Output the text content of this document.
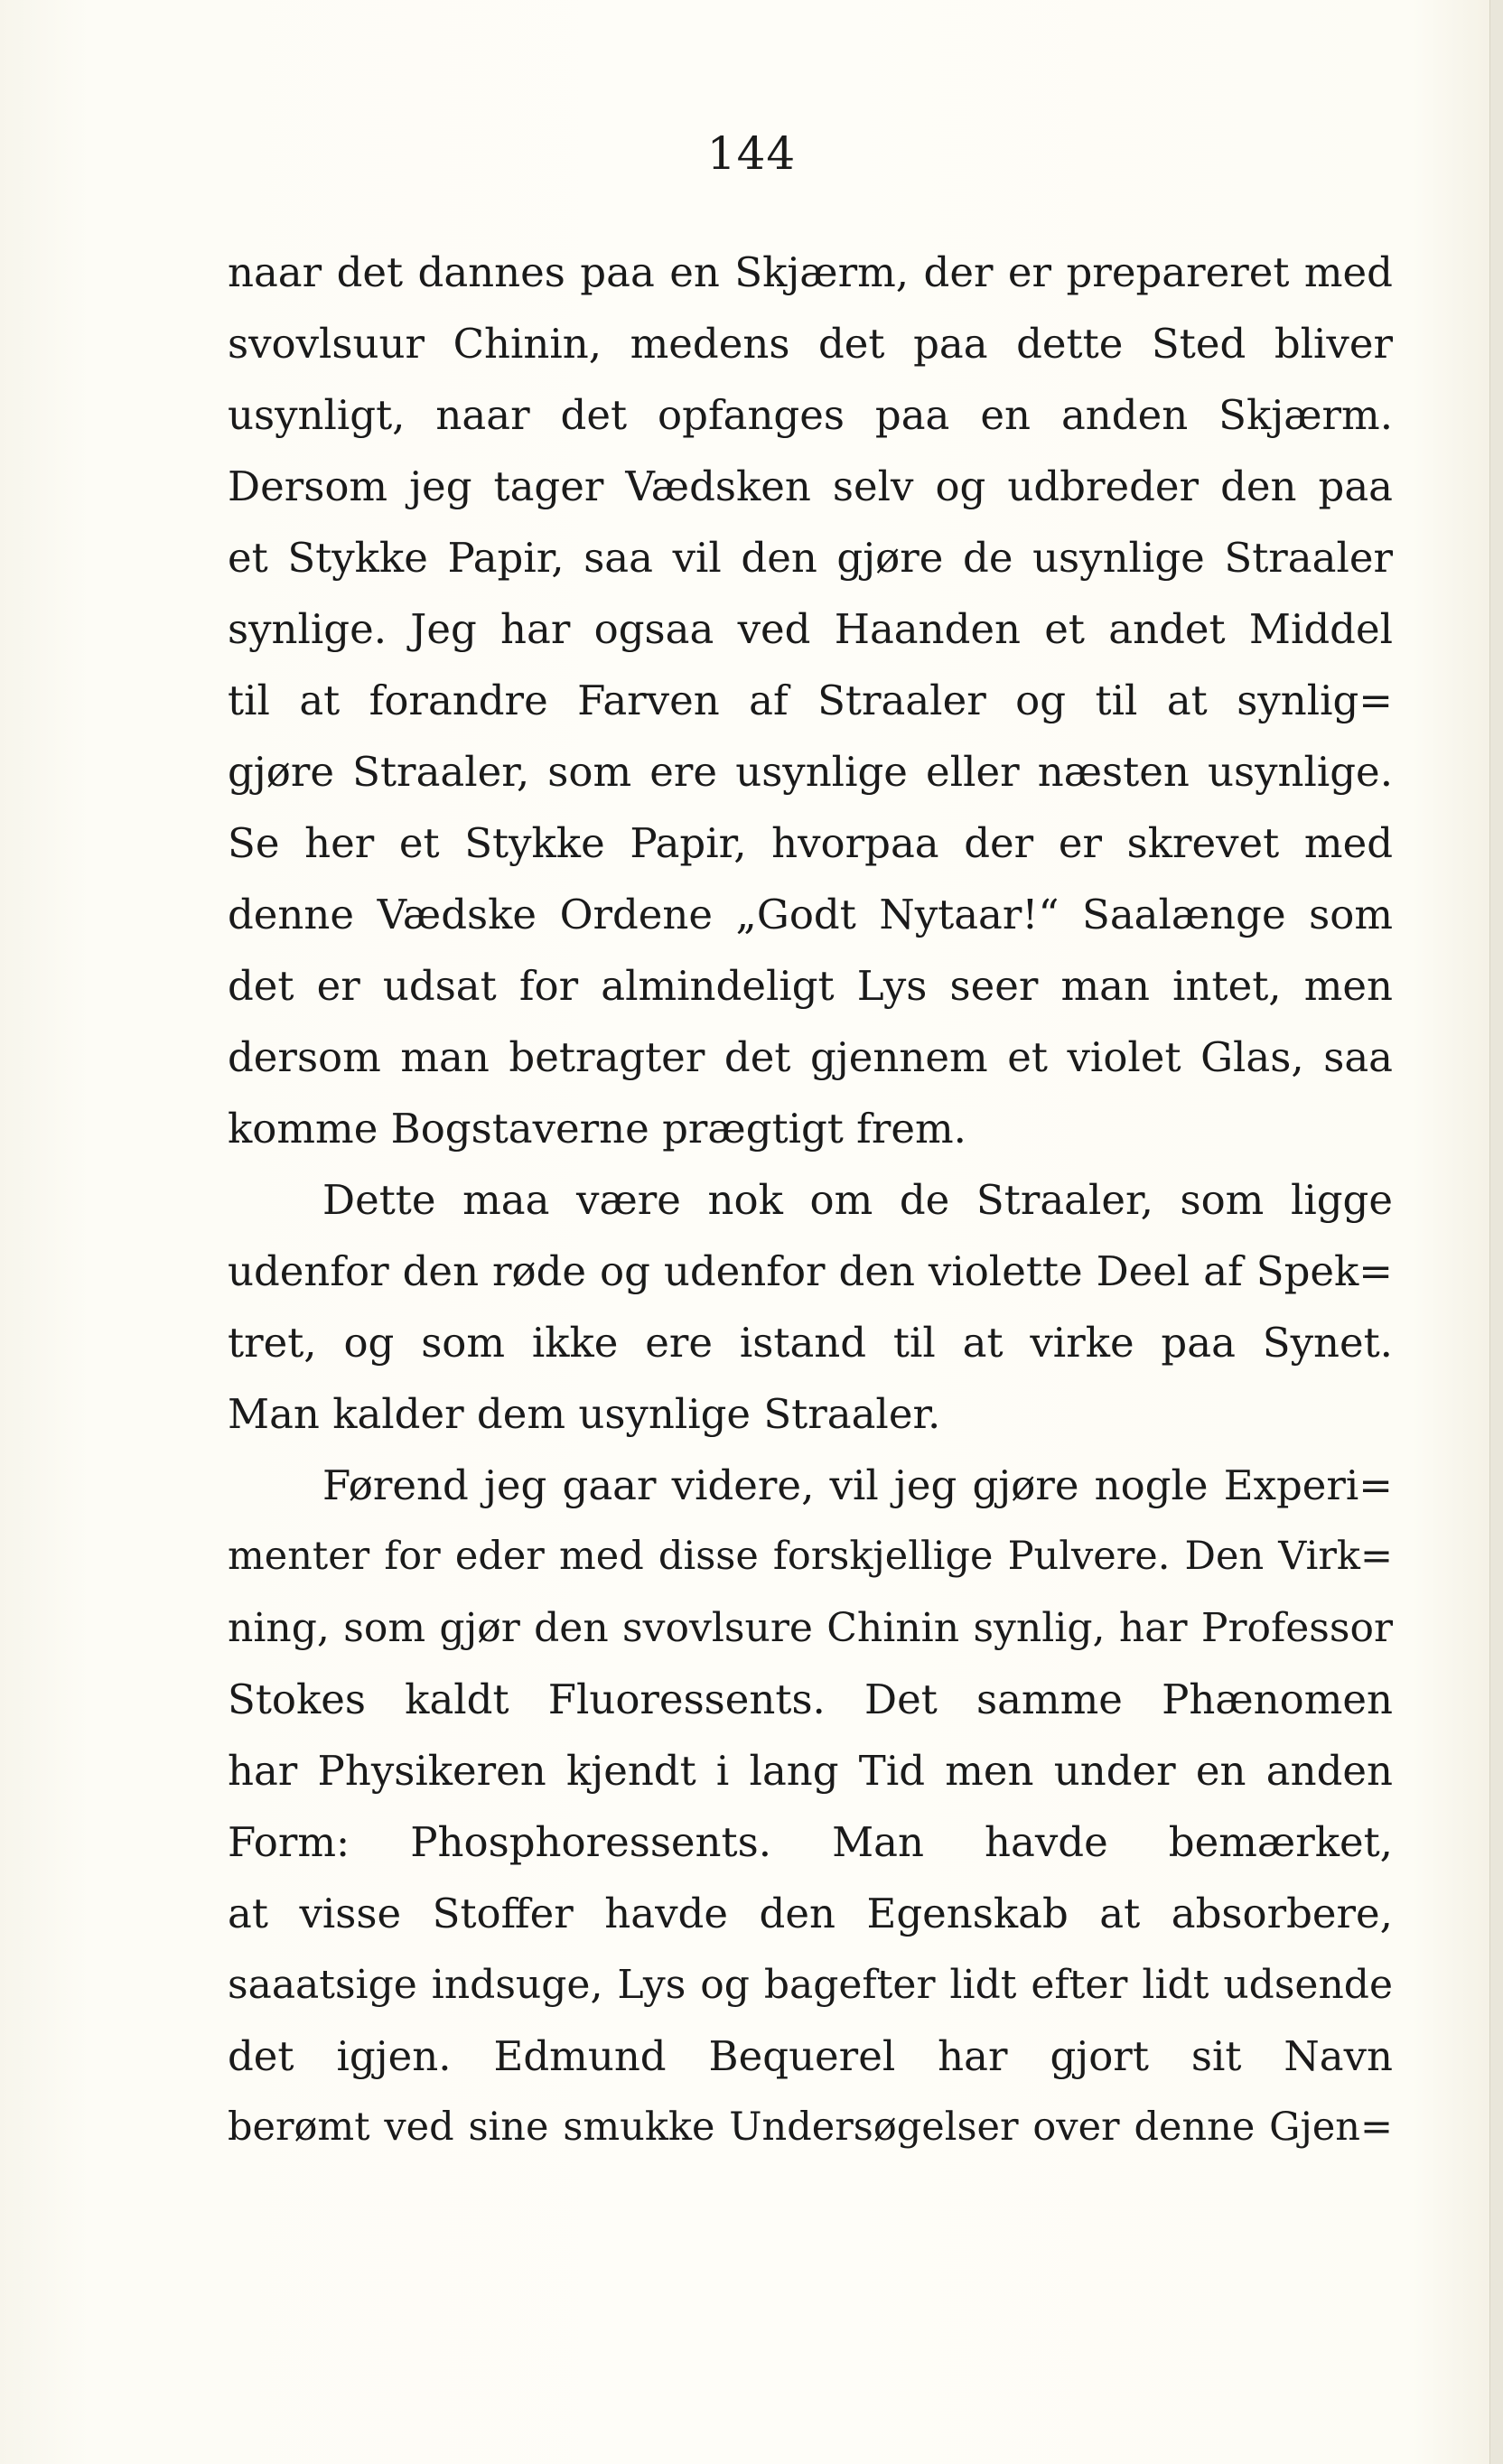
144
naar det dannes paa en Skjærm, der er prepareret med
svovlsuur Chinin, medens det paa dette Sted bliver
usynligt, naar det opfanges paa en anden Skjærm.
Dersom jeg tager Vædsken selv og udbreder den paa
et Stykke Papir, saa vil den gjøre de usynlige Straaler
synlige. Jeg har ogsaa ved Haanden et andet Middel
til at forandre Farven af Straaler og til at synlig=
gjøre Straaler, som ere usynlige eller næsten usynlige.
Se her et Stykke Papir, hvorpaa der er skrevet med
denne Vædske Ordene „Godt Nytaar!“ Saalænge som
det er udsat for almindeligt Lys seer man intet, men
dersom man betragter det gjennem et violet Glas, saa
komme Bogstaverne prægtigt frem.
Dette maa være nok om de Straaler, som ligge
udenfor den røde og udenfor den violette Deel af Spek=
tret, og som ikke ere istand til at virke paa Synet.
Man kalder dem usynlige Straaler.
Førend jeg gaar videre, vil jeg gjøre nogle Experi=
menter for eder med disse forskjellige Pulvere. Den Virk=
ning, som gjør den svovlsure Chinin synlig, har Professor
Stokes kaldt Fluoressents. Det samme Phænomen
har Physikeren kjendt i lang Tid men under en anden
Form: Phosphoressents. Man havde bemærket,
at visse Stoffer havde den Egenskab at absorbere,
saaatsige indsuge, Lys og bagefter lidt efter lidt udsende
det igjen. Edmund Bequerel har gjort sit Navn
berømt ved sine smukke Undersøgelser over denne Gjen=
